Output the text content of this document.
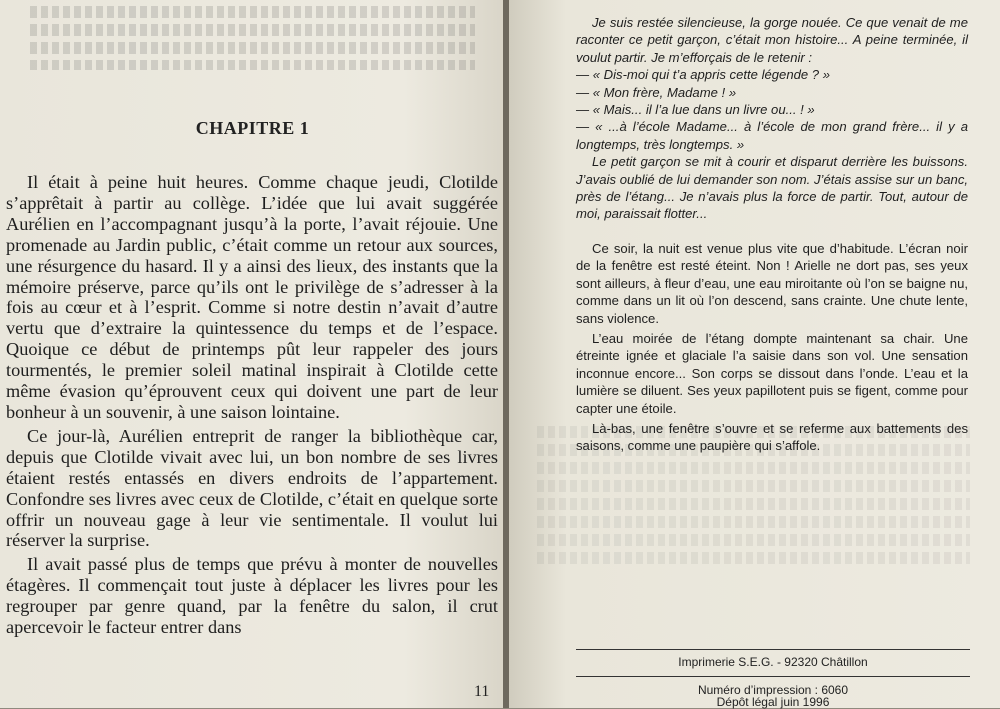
CHAPITRE 1

Il était à peine huit heures. Comme chaque jeudi, Clotilde s’apprêtait à partir au collège. L’idée que lui avait suggérée Aurélien en l’accompagnant jusqu’à la porte, l’avait réjouie. Une promenade au Jardin public, c’était comme un retour aux sources, une résurgence du hasard. Il y a ainsi des lieux, des instants que la mémoire préserve, parce qu’ils ont le privilège de s’adresser à la fois au cœur et à l’esprit. Comme si notre destin n’avait d’autre vertu que d’extraire la quintessence du temps et de l’espace. Quoique ce début de printemps pût leur rappeler des jours tourmentés, le premier soleil matinal inspirait à Clotilde cette même évasion qu’éprouvent ceux qui doivent une part de leur bonheur à un souvenir, à une saison lointaine.

Ce jour-là, Aurélien entreprit de ranger la bibliothèque car, depuis que Clotilde vivait avec lui, un bon nombre de ses livres étaient restés entassés en divers endroits de l’appartement. Confondre ses livres avec ceux de Clotilde, c’était en quelque sorte offrir un nouveau gage à leur vie sentimentale. Il voulut lui réserver la surprise.

Il avait passé plus de temps que prévu à monter de nouvelles étagères. Il commençait tout juste à déplacer les livres pour les regrouper par genre quand, par la fenêtre du salon, il crut apercevoir le facteur entrer dans

11

Je suis restée silencieuse, la gorge nouée. Ce que venait de me raconter ce petit garçon, c’était mon histoire... A peine terminée, il voulut partir. Je m’efforçais de le retenir :

— « Dis-moi qui t’a appris cette légende ? »

— « Mon frère, Madame ! »

— « Mais... il l’a lue dans un livre ou... ! »

— « ...à l’école Madame... à l’école de mon grand frère... il y a longtemps, très longtemps. »

Le petit garçon se mit à courir et disparut derrière les buissons. J’avais oublié de lui demander son nom. J’étais assise sur un banc, près de l’étang... Je n’avais plus la force de partir. Tout, autour de moi, paraissait flotter...

Ce soir, la nuit est venue plus vite que d’habitude. L’écran noir de la fenêtre est resté éteint. Non ! Arielle ne dort pas, ses yeux sont ailleurs, à fleur d’eau, une eau miroitante où l’on se baigne nu, comme dans un lit où l’on descend, sans crainte. Une chute lente, sans violence.

L’eau moirée de l’étang dompte maintenant sa chair. Une étreinte ignée et glaciale l’a saisie dans son vol. Une sensation inconnue encore... Son corps se dissout dans l’onde. L’eau et la lumière se diluent. Ses yeux papillotent puis se figent, comme pour capter une étoile.

Là-bas, une fenêtre s’ouvre et se referme aux battements des saisons, comme une paupière qui s’affole.

Imprimerie S.E.G. - 92320 Châtillon
Numéro d’impression : 6060
Dépôt légal juin 1996
